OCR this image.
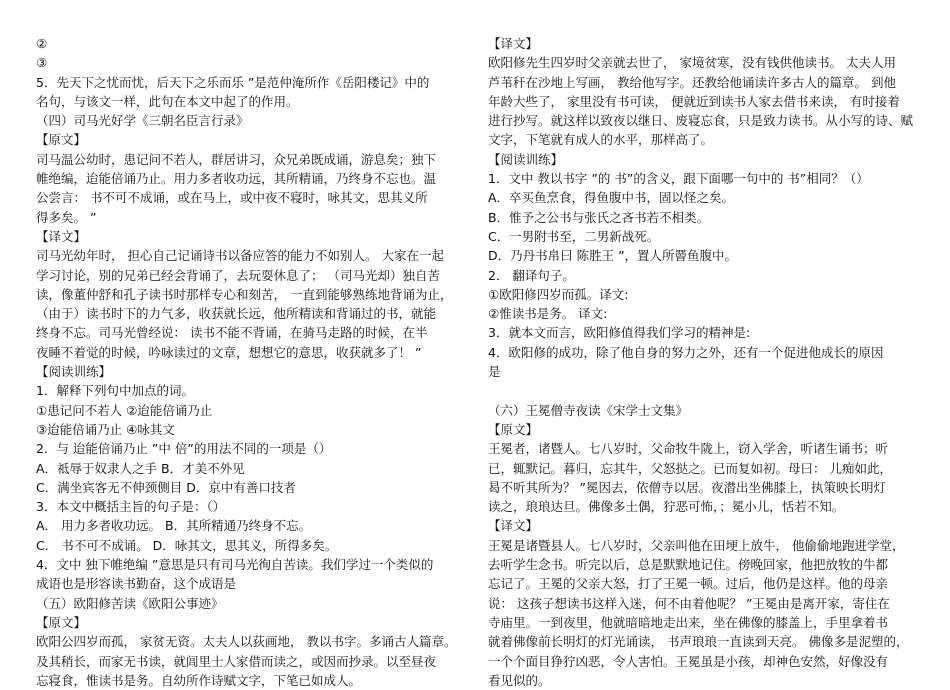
②
③
5．先天下之忧而忧，后天下之乐而乐 ”是范仲淹所作《岳阳楼记》中的
名句，与该文一样，此句在本文中起了的作用。
（四）司马光好学《三朝名臣言行录》
【原文】
司马温公幼时，患记问不若人，群居讲习，众兄弟既成诵，游息矣；独下
帷绝编，迨能倍诵乃止。用力多者收功远，其所精诵，乃终身不忘也。温
公尝言： 书不可不成诵，或在马上，或中夜不寝时，咏其文，思其义所
得多矣。 ”
【译文】
司马光幼年时， 担心自己记诵诗书以备应答的能力不如别人。 大家在一起
学习讨论，别的兄弟已经会背诵了，去玩耍休息了； （司马光却）独自苦
读，像董仲舒和孔子读书时那样专心和刻苦， 一直到能够熟练地背诵为止，
（由于）读书时下的力气多，收获就长远，他所精读和背诵过的书，就能
终身不忘。司马光曾经说： 读书不能不背诵，在骑马走路的时候，在半
夜睡不着觉的时候，吟咏读过的文章，想想它的意思，收获就多了！ ”
【阅读训练】
1．解释下列句中加点的词。
①患记问不若人 ②迨能倍诵乃止
③迨能倍诵乃止 ④咏其文
2．与 迨能倍诵乃止 ”中 倍”的用法不同的一项是（）
A．祗辱于奴隶人之手 B．才美不外见
C．满坐宾客无不伸颈侧目 D．京中有善口技者
3．本文中概括主旨的句子是：（）
A． 用力多者收功远。 B．其所精通乃终身不忘。
C． 书不可不成诵。 D．咏其文，思其义，所得多矣。
4．文中 独下帷绝编 ”意思是只有司马光徇自苦读。我们学过一个类似的
成语也是形容读书勤奋，这个成语是
（五）欧阳修苦读《欧阳公事迹》
【原文】
欧阳公四岁而孤， 家贫无资。太夫人以荻画地， 教以书字。多诵古人篇章。
及其稍长，而家无书读，就闾里士人家借而读之，或因而抄录。以至昼夜
忘寝食，惟读书是务。自幼所作诗赋文字，下笔已如成人。
【译文】
欧阳修先生四岁时父亲就去世了， 家境贫寒，没有钱供他读书。 太夫人用
芦苇秆在沙地上写画， 教给他写字。还教给他诵读许多古人的篇章。 到他
年龄大些了， 家里没有书可读， 便就近到读书人家去借书来读， 有时接着
进行抄写。就这样以致夜以继日、废寝忘食，只是致力读书。从小写的诗、赋
文字，下笔就有成人的水平，那样高了。
【阅读训练】
1．文中 教以书字 ”的 书”的含义，跟下面哪一句中的 书”相同？（）
A．卒买鱼烹食，得鱼腹中书，固以怪之矣。
B．惟予之公书与张氏之吝书若不相类。
C．一男附书至，二男新战死。
D．乃丹书帛曰 陈胜王 ”，置人所罾鱼腹中。
2． 翻译句子。
①欧阳修四岁而孤。译文:
②惟读书是务。 译文:
3．就本文而言，欧阳修值得我们学习的精神是:
4．欧阳修的成功，除了他自身的努力之外，还有一个促进他成长的原因
是
（六）王冕僧寺夜读《宋学士文集》
【原文】
王冕者，诸暨人。七八岁时，父命牧牛陇上，窃入学舍，听诸生诵书；听
已，辄默记。暮归，忘其牛，父怒挞之。已而复如初。母曰： 儿痴如此，
曷不听其所为？ ”冕因去，依僧寺以居。夜潜出坐佛膝上，执策映长明灯
读之，琅琅达旦。佛像多土偶，狞恶可怖，；冕小儿，恬若不知。
【译文】
王冕是诸暨县人。七八岁时，父亲叫他在田埂上放牛， 他偷偷地跑进学堂，
去听学生念书。听完以后，总是默默地记住。傍晚回家，他把放牧的牛都
忘记了。王冕的父亲大怒，打了王冕一顿。过后，他仍是这样。他的母亲
说： 这孩子想读书这样入迷，何不由着他呢？ ”王冕由是离开家，寄住在
寺庙里。一到夜里，他就暗暗地走出来，坐在佛像的膝盖上，手里拿着书
就着佛像前长明灯的灯光诵读， 书声琅琅一直读到天亮。 佛像多是泥塑的，
一个个面目狰狞凶恶，令人害怕。王冕虽是小孩，却神色安然，好像没有
看见似的。
